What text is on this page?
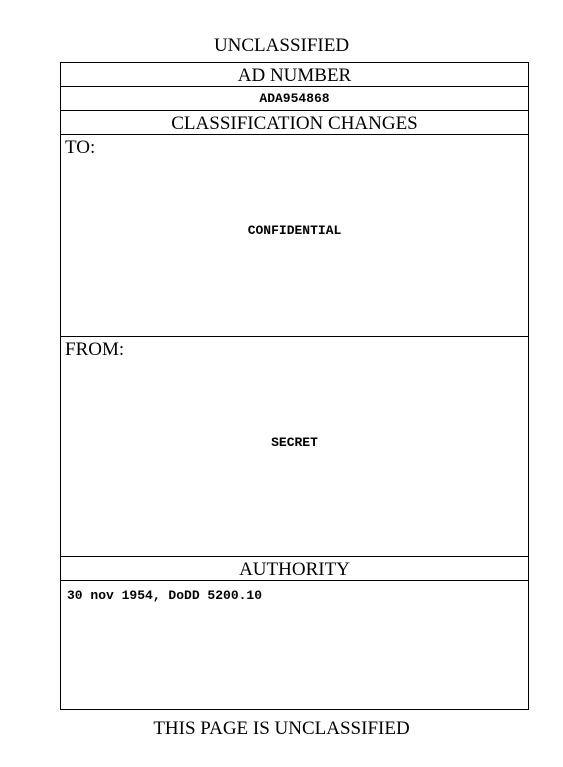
UNCLASSIFIED
AD NUMBER
ADA954868
CLASSIFICATION CHANGES
TO:
CONFIDENTIAL
FROM:
SECRET
AUTHORITY
30 nov 1954, DoDD 5200.10
THIS PAGE IS UNCLASSIFIED
